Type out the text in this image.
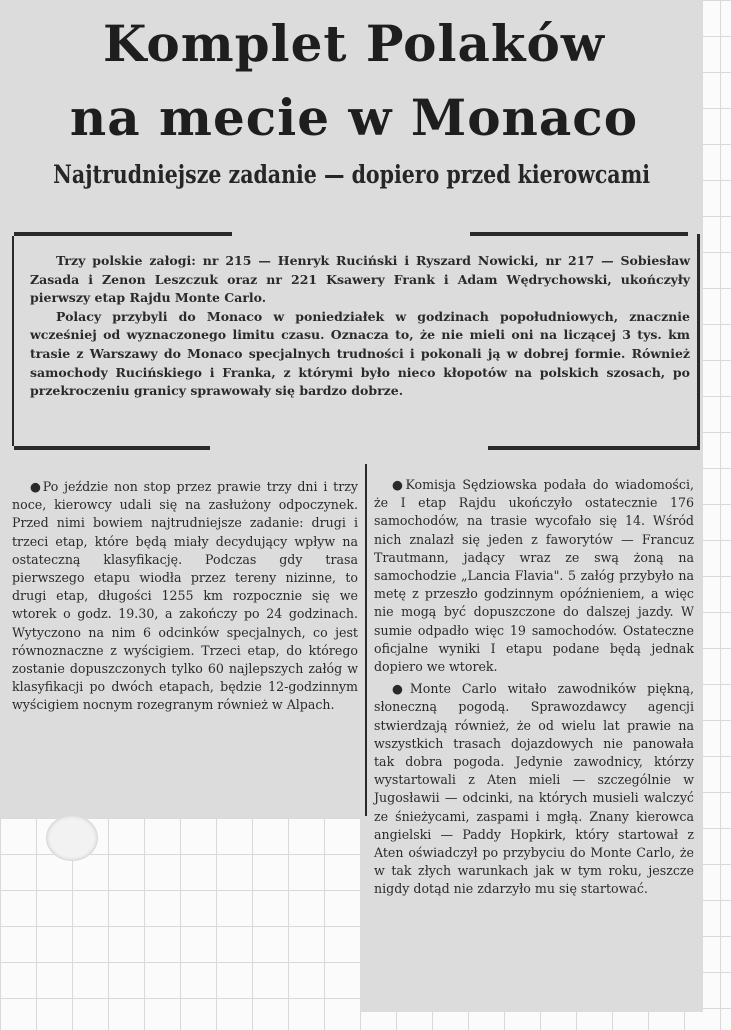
Komplet Polaków
na mecie w Monaco
Najtrudniejsze zadanie — dopiero przed kierowcami

Trzy polskie załogi: nr 215 — Henryk Ruciński i Ryszard Nowicki, nr 217 — Sobiesław Zasada i Zenon Leszczuk oraz nr 221 Ksawery Frank i Adam Wędrychowski, ukończyły pierwszy etap Rajdu Monte Carlo.

Polacy przybyli do Monaco w poniedziałek w godzinach popołudniowych, znacznie wcześniej od wyznaczonego limitu czasu. Oznacza to, że nie mieli oni na liczącej 3 tys. km trasie z Warszawy do Monaco specjalnych trudności i pokonali ją w dobrej formie. Również samochody Rucińskiego i Franka, z którymi było nieco kłopotów na polskich szosach, po przekroczeniu granicy sprawowały się bardzo dobrze.

● Po jeździe non stop przez prawie trzy dni i trzy noce, kierowcy udali się na zasłużony odpoczynek. Przed nimi bowiem najtrudniejsze zadanie: drugi i trzeci etap, które będą miały decydujący wpływ na ostateczną klasyfikację. Podczas gdy trasa pierwszego etapu wiodła przez tereny nizinne, to drugi etap, długości 1255 km rozpocznie się we wtorek o godz. 19.30, a zakończy po 24 godzinach. Wytyczono na nim 6 odcinków specjalnych, co jest równoznaczne z wyścigiem. Trzeci etap, do którego zostanie dopuszczonych tylko 60 najlepszych załóg w klasyfikacji po dwóch etapach, będzie 12-godzinnym wyścigiem nocnym rozegranym również w Alpach.

● Komisja Sędziowska podała do wiadomości, że I etap Rajdu ukończyło ostatecznie 176 samochodów, na trasie wycofało się 14. Wśród nich znalazł się jeden z faworytów — Francuz Trautmann, jadący wraz ze swą żoną na samochodzie „Lancia Flavia". 5 załóg przybyło na metę z przeszło godzinnym opóźnieniem, a więc nie mogą być dopuszczone do dalszej jazdy. W sumie odpadło więc 19 samochodów. Ostateczne oficjalne wyniki I etapu podane będą jednak dopiero we wtorek.

● Monte Carlo witało zawodników piękną, słoneczną pogodą. Sprawozdawcy agencji stwierdzają również, że od wielu lat prawie na wszystkich trasach dojazdowych nie panowała tak dobra pogoda. Jedynie zawodnicy, którzy wystartowali z Aten mieli — szczególnie w Jugosławii — odcinki, na których musieli walczyć ze śnieżycami, zaspami i mgłą. Znany kierowca angielski — Paddy Hopkirk, który startował z Aten oświadczył po przybyciu do Monte Carlo, że w tak złych warunkach jak w tym roku, jeszcze nigdy dotąd nie zdarzyło mu się startować.
